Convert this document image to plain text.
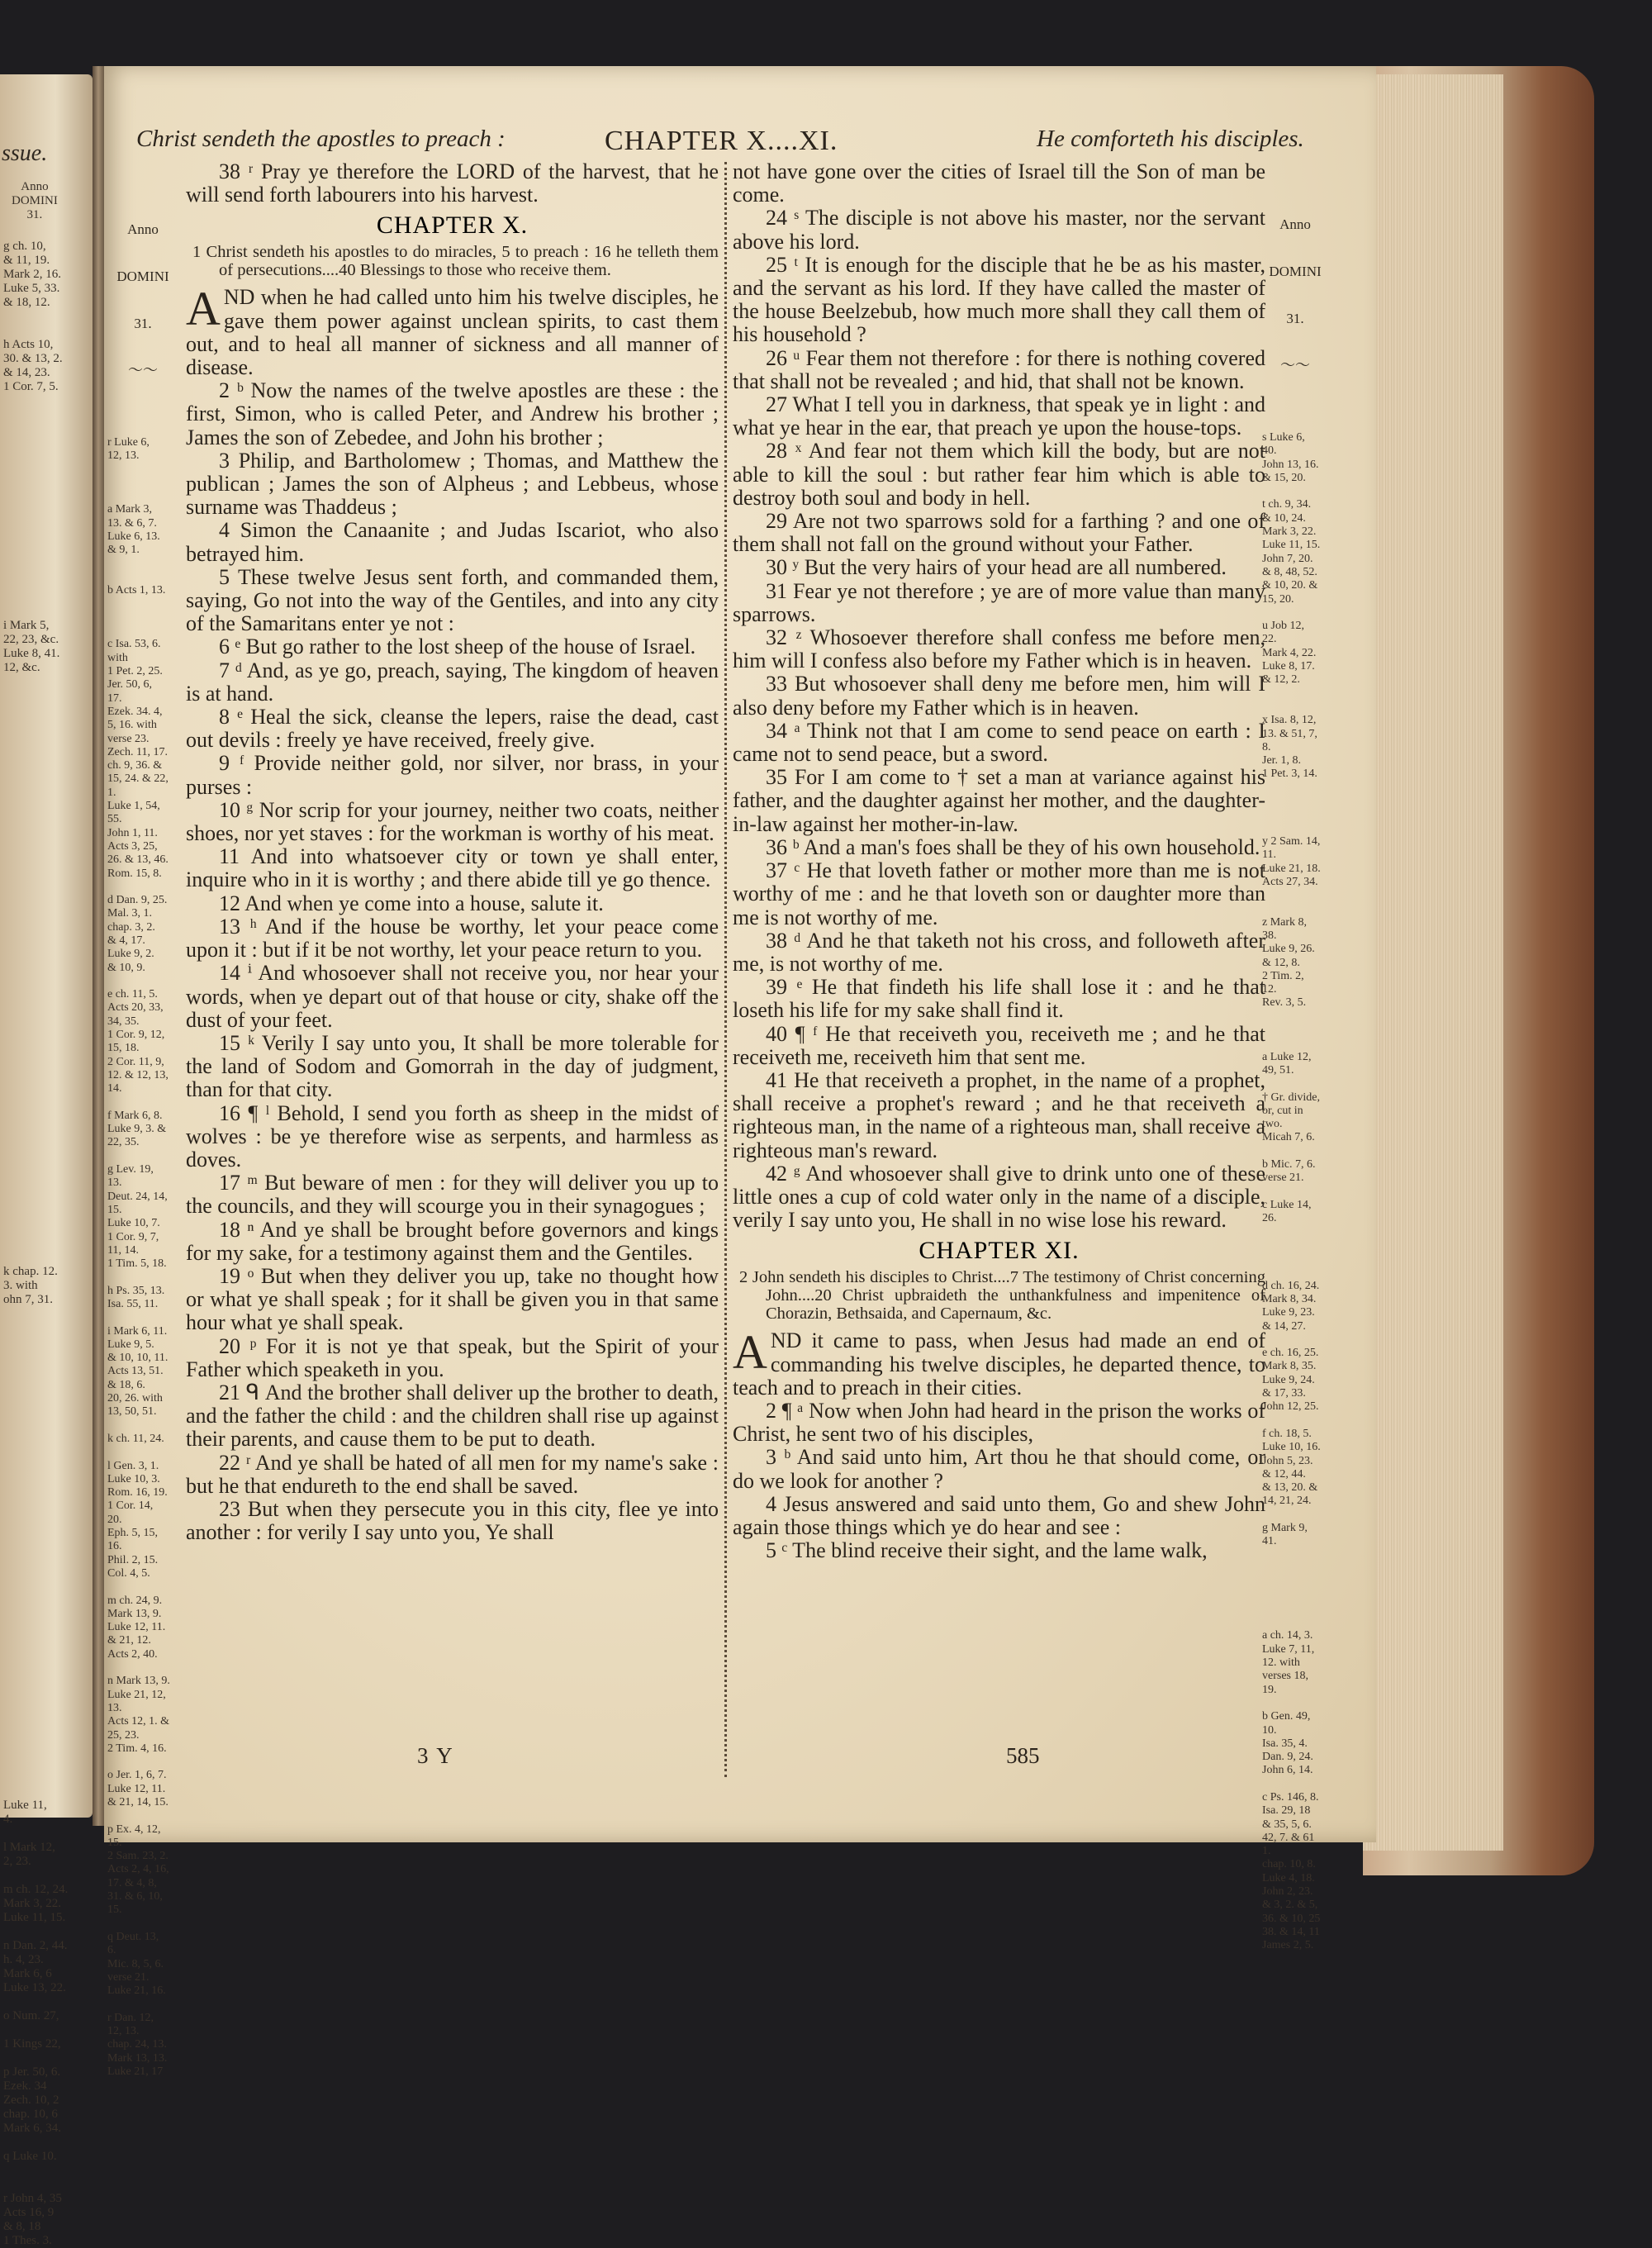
ssue.
Anno
DOMINI
31.
g ch. 10,
& 11, 19.
Mark 2, 16.
Luke 5, 33.
& 18, 12.

h Acts 10,
30. & 13, 2.
& 14, 23.
1 Cor. 7, 5.

i Mark 5,
22, 23, &c.
Luke 8, 41.
12, &c.

k chap. 12.
3. with
ohn 7, 31.

Luke 11,
4.

l Mark 12,
2, 23.

m ch. 12, 24.
Mark 3, 22.
Luke 11, 15.

n Dan. 2, 44.
h. 4, 23.
Mark 6, 6
Luke 13, 22.

o Num. 27,

1 Kings 22,

p Jer. 50, 6.
Ezek. 34
Zech. 10, 2
chap. 10, 6
Mark 6, 34.

q Luke 10.

r John 4, 35
Acts 16, 9
& 8, 18
1 Thes. 3.
Christ sendeth the apostles to preach :	CHAPTER X....XI.	He comforteth his disciples.

Anno

DOMINI

31.

〜〜

r Luke 6,
12, 13.

a Mark 3,
13. & 6, 7.
Luke 6, 13.
& 9, 1.

b Acts 1, 13.

c Isa. 53, 6.
with
1 Pet. 2, 25.
Jer. 50, 6,
17.
Ezek. 34. 4,
5, 16. with
verse 23.
Zech. 11, 17.
ch. 9, 36. &
15, 24. & 22,
1.
Luke 1, 54,
55.
John 1, 11.
Acts 3, 25,
26. & 13, 46.
Rom. 15, 8.

d Dan. 9, 25.
Mal. 3, 1.
chap. 3, 2.
& 4, 17.
Luke 9, 2.
& 10, 9.

e ch. 11, 5.
Acts 20, 33,
34, 35.
1 Cor. 9, 12,
15, 18.
2 Cor. 11, 9,
12. & 12, 13,
14.

f Mark 6, 8.
Luke 9, 3. &
22, 35.

g Lev. 19,
13.
Deut. 24, 14,
15.
Luke 10, 7.
1 Cor. 9, 7,
11, 14.
1 Tim. 5, 18.

h Ps. 35, 13.
Isa. 55, 11.

i Mark 6, 11.
Luke 9, 5.
& 10, 10, 11.
Acts 13, 51.
& 18, 6.
20, 26. with
13, 50, 51.

k ch. 11, 24.

l Gen. 3, 1.
Luke 10, 3.
Rom. 16, 19.
1 Cor. 14,
20.
Eph. 5, 15,
16.
Phil. 2, 15.
Col. 4, 5.

m ch. 24, 9.
Mark 13, 9.
Luke 12, 11.
& 21, 12.
Acts 2, 40.

n Mark 13, 9.
Luke 21, 12,
13.
Acts 12, 1. &
25, 23.
2 Tim. 4, 16.

o Jer. 1, 6, 7.
Luke 12, 11.
& 21, 14, 15.

p Ex. 4, 12,
15.
2 Sam. 23, 2.
Acts 2, 4, 16,
17. & 4, 8,
31. & 6, 10,
15.

q Deut. 13,
6.
Mic. 8, 5, 6.
verse 21.
Luke 21, 16.

r Dan. 12,
12, 13.
chap. 24, 13.
Mark 13, 13.
Luke 21, 17

38 ʳ Pray ye therefore the LORD of the harvest, that he will send forth labourers into his harvest.

CHAPTER X.
1 Christ sendeth his apostles to do miracles, 5 to preach : 16 he telleth them of persecutions....40 Blessings to those who receive them.

AND when he had called unto him his twelve disciples, he gave them power against unclean spirits, to cast them out, and to heal all manner of sickness and all manner of disease.

2 ᵇ Now the names of the twelve apostles are these : the first, Simon, who is called Peter, and Andrew his brother ; James the son of Zebedee, and John his brother ;

3 Philip, and Bartholomew ; Thomas, and Matthew the publican ; James the son of Alpheus ; and Lebbeus, whose surname was Thaddeus ;

4 Simon the Canaanite ; and Judas Iscariot, who also betrayed him.

5 These twelve Jesus sent forth, and commanded them, saying, Go not into the way of the Gentiles, and into any city of the Samaritans enter ye not :

6 ᵉ But go rather to the lost sheep of the house of Israel.

7 ᵈ And, as ye go, preach, saying, The kingdom of heaven is at hand.

8 ᵉ Heal the sick, cleanse the lepers, raise the dead, cast out devils : freely ye have received, freely give.

9 ᶠ Provide neither gold, nor silver, nor brass, in your purses :

10 ᵍ Nor scrip for your journey, neither two coats, neither shoes, nor yet staves : for the workman is worthy of his meat.

11 And into whatsoever city or town ye shall enter, inquire who in it is worthy ; and there abide till ye go thence.

12 And when ye come into a house, salute it.

13 ʰ And if the house be worthy, let your peace come upon it : but if it be not worthy, let your peace return to you.

14 ⁱ And whosoever shall not receive you, nor hear your words, when ye depart out of that house or city, shake off the dust of your feet.

15 ᵏ Verily I say unto you, It shall be more tolerable for the land of Sodom and Gomorrah in the day of judgment, than for that city.

16 ¶ ˡ Behold, I send you forth as sheep in the midst of wolves : be ye therefore wise as serpents, and harmless as doves.

17 ᵐ But beware of men : for they will deliver you up to the councils, and they will scourge you in their synagogues ;

18 ⁿ And ye shall be brought before governors and kings for my sake, for a testimony against them and the Gentiles.

19 ᵒ But when they deliver you up, take no thought how or what ye shall speak ; for it shall be given you in that same hour what ye shall speak.

20 ᵖ For it is not ye that speak, but the Spirit of your Father which speaketh in you.

21 ᑫ And the brother shall deliver up the brother to death, and the father the child : and the children shall rise up against their parents, and cause them to be put to death.

22 ʳ And ye shall be hated of all men for my name's sake : but he that endureth to the end shall be saved.

23 But when they persecute you in this city, flee ye into another : for verily I say unto you, Ye shall

not have gone over the cities of Israel till the Son of man be come.

24 ˢ The disciple is not above his master, nor the servant above his lord.

25 ᵗ It is enough for the disciple that he be as his master, and the servant as his lord. If they have called the master of the house Beelzebub, how much more shall they call them of his household ?

26 ᵘ Fear them not therefore : for there is nothing covered that shall not be revealed ; and hid, that shall not be known.

27 What I tell you in darkness, that speak ye in light : and what ye hear in the ear, that preach ye upon the house-tops.

28 ˣ And fear not them which kill the body, but are not able to kill the soul : but rather fear him which is able to destroy both soul and body in hell.

29 Are not two sparrows sold for a farthing ? and one of them shall not fall on the ground without your Father.

30 ʸ But the very hairs of your head are all numbered.

31 Fear ye not therefore ; ye are of more value than many sparrows.

32 ᶻ Whosoever therefore shall confess me before men, him will I confess also before my Father which is in heaven.

33 But whosoever shall deny me before men, him will I also deny before my Father which is in heaven.

34 ᵃ Think not that I am come to send peace on earth : I came not to send peace, but a sword.

35 For I am come to † set a man at variance against his father, and the daughter against her mother, and the daughter-in-law against her mother-in-law.

36 ᵇ And a man's foes shall be they of his own household.

37 ᶜ He that loveth father or mother more than me is not worthy of me : and he that loveth son or daughter more than me is not worthy of me.

38 ᵈ And he that taketh not his cross, and followeth after me, is not worthy of me.

39 ᵉ He that findeth his life shall lose it : and he that loseth his life for my sake shall find it.

40 ¶ ᶠ He that receiveth you, receiveth me ; and he that receiveth me, receiveth him that sent me.

41 He that receiveth a prophet, in the name of a prophet, shall receive a prophet's reward ; and he that receiveth a righteous man, in the name of a righteous man, shall receive a righteous man's reward.

42 ᵍ And whosoever shall give to drink unto one of these little ones a cup of cold water only in the name of a disciple, verily I say unto you, He shall in no wise lose his reward.

CHAPTER XI.
2 John sendeth his disciples to Christ....7 The testimony of Christ concerning John....20 Christ upbraideth the unthankfulness and impenitence of Chorazin, Bethsaida, and Capernaum, &c.

AND it came to pass, when Jesus had made an end of commanding his twelve disciples, he departed thence, to teach and to preach in their cities.

2 ¶ ᵃ Now when John had heard in the prison the works of Christ, he sent two of his disciples,

3 ᵇ And said unto him, Art thou he that should come, or do we look for another ?

4 Jesus answered and said unto them, Go and shew John again those things which ye do hear and see :

5 ᶜ The blind receive their sight, and the lame walk,

Anno

DOMINI

31.

〜〜

s Luke 6,
40.
John 13, 16.
& 15, 20.

t ch. 9, 34.
& 10, 24.
Mark 3, 22.
Luke 11, 15.
John 7, 20.
& 8, 48, 52.
& 10, 20. &
15, 20.

u Job 12,
22.
Mark 4, 22.
Luke 8, 17.
& 12, 2.

x Isa. 8, 12,
13. & 51, 7,
8.
Jer. 1, 8.
1 Pet. 3, 14.

y 2 Sam. 14,
11.
Luke 21, 18.
Acts 27, 34.

z Mark 8,
38.
Luke 9, 26.
& 12, 8.
2 Tim. 2,
12.
Rev. 3, 5.

a Luke 12,
49, 51.

† Gr. divide,
or, cut in
two.
Micah 7, 6.

b Mic. 7, 6.
verse 21.

c Luke 14,
26.

d ch. 16, 24.
Mark 8, 34.
Luke 9, 23.
& 14, 27.

e ch. 16, 25.
Mark 8, 35.
Luke 9, 24.
& 17, 33.
John 12, 25.

f ch. 18, 5.
Luke 10, 16.
John 5, 23.
& 12, 44.
& 13, 20. &
14, 21, 24.

g Mark 9,
41.

a ch. 14, 3.
Luke 7, 11,
12. with
verses 18,
19.

b Gen. 49,
10.
Isa. 35, 4.
Dan. 9, 24.
John 6, 14.

c Ps. 146, 8.
Isa. 29, 18
& 35, 5, 6.
42, 7. & 61
1.
chap. 10, 8.
Luke 4, 18.
John 2, 23.
& 3, 2. & 5,
36. & 10, 25
38. & 14, 11
James 2, 5.

3 Y	585
